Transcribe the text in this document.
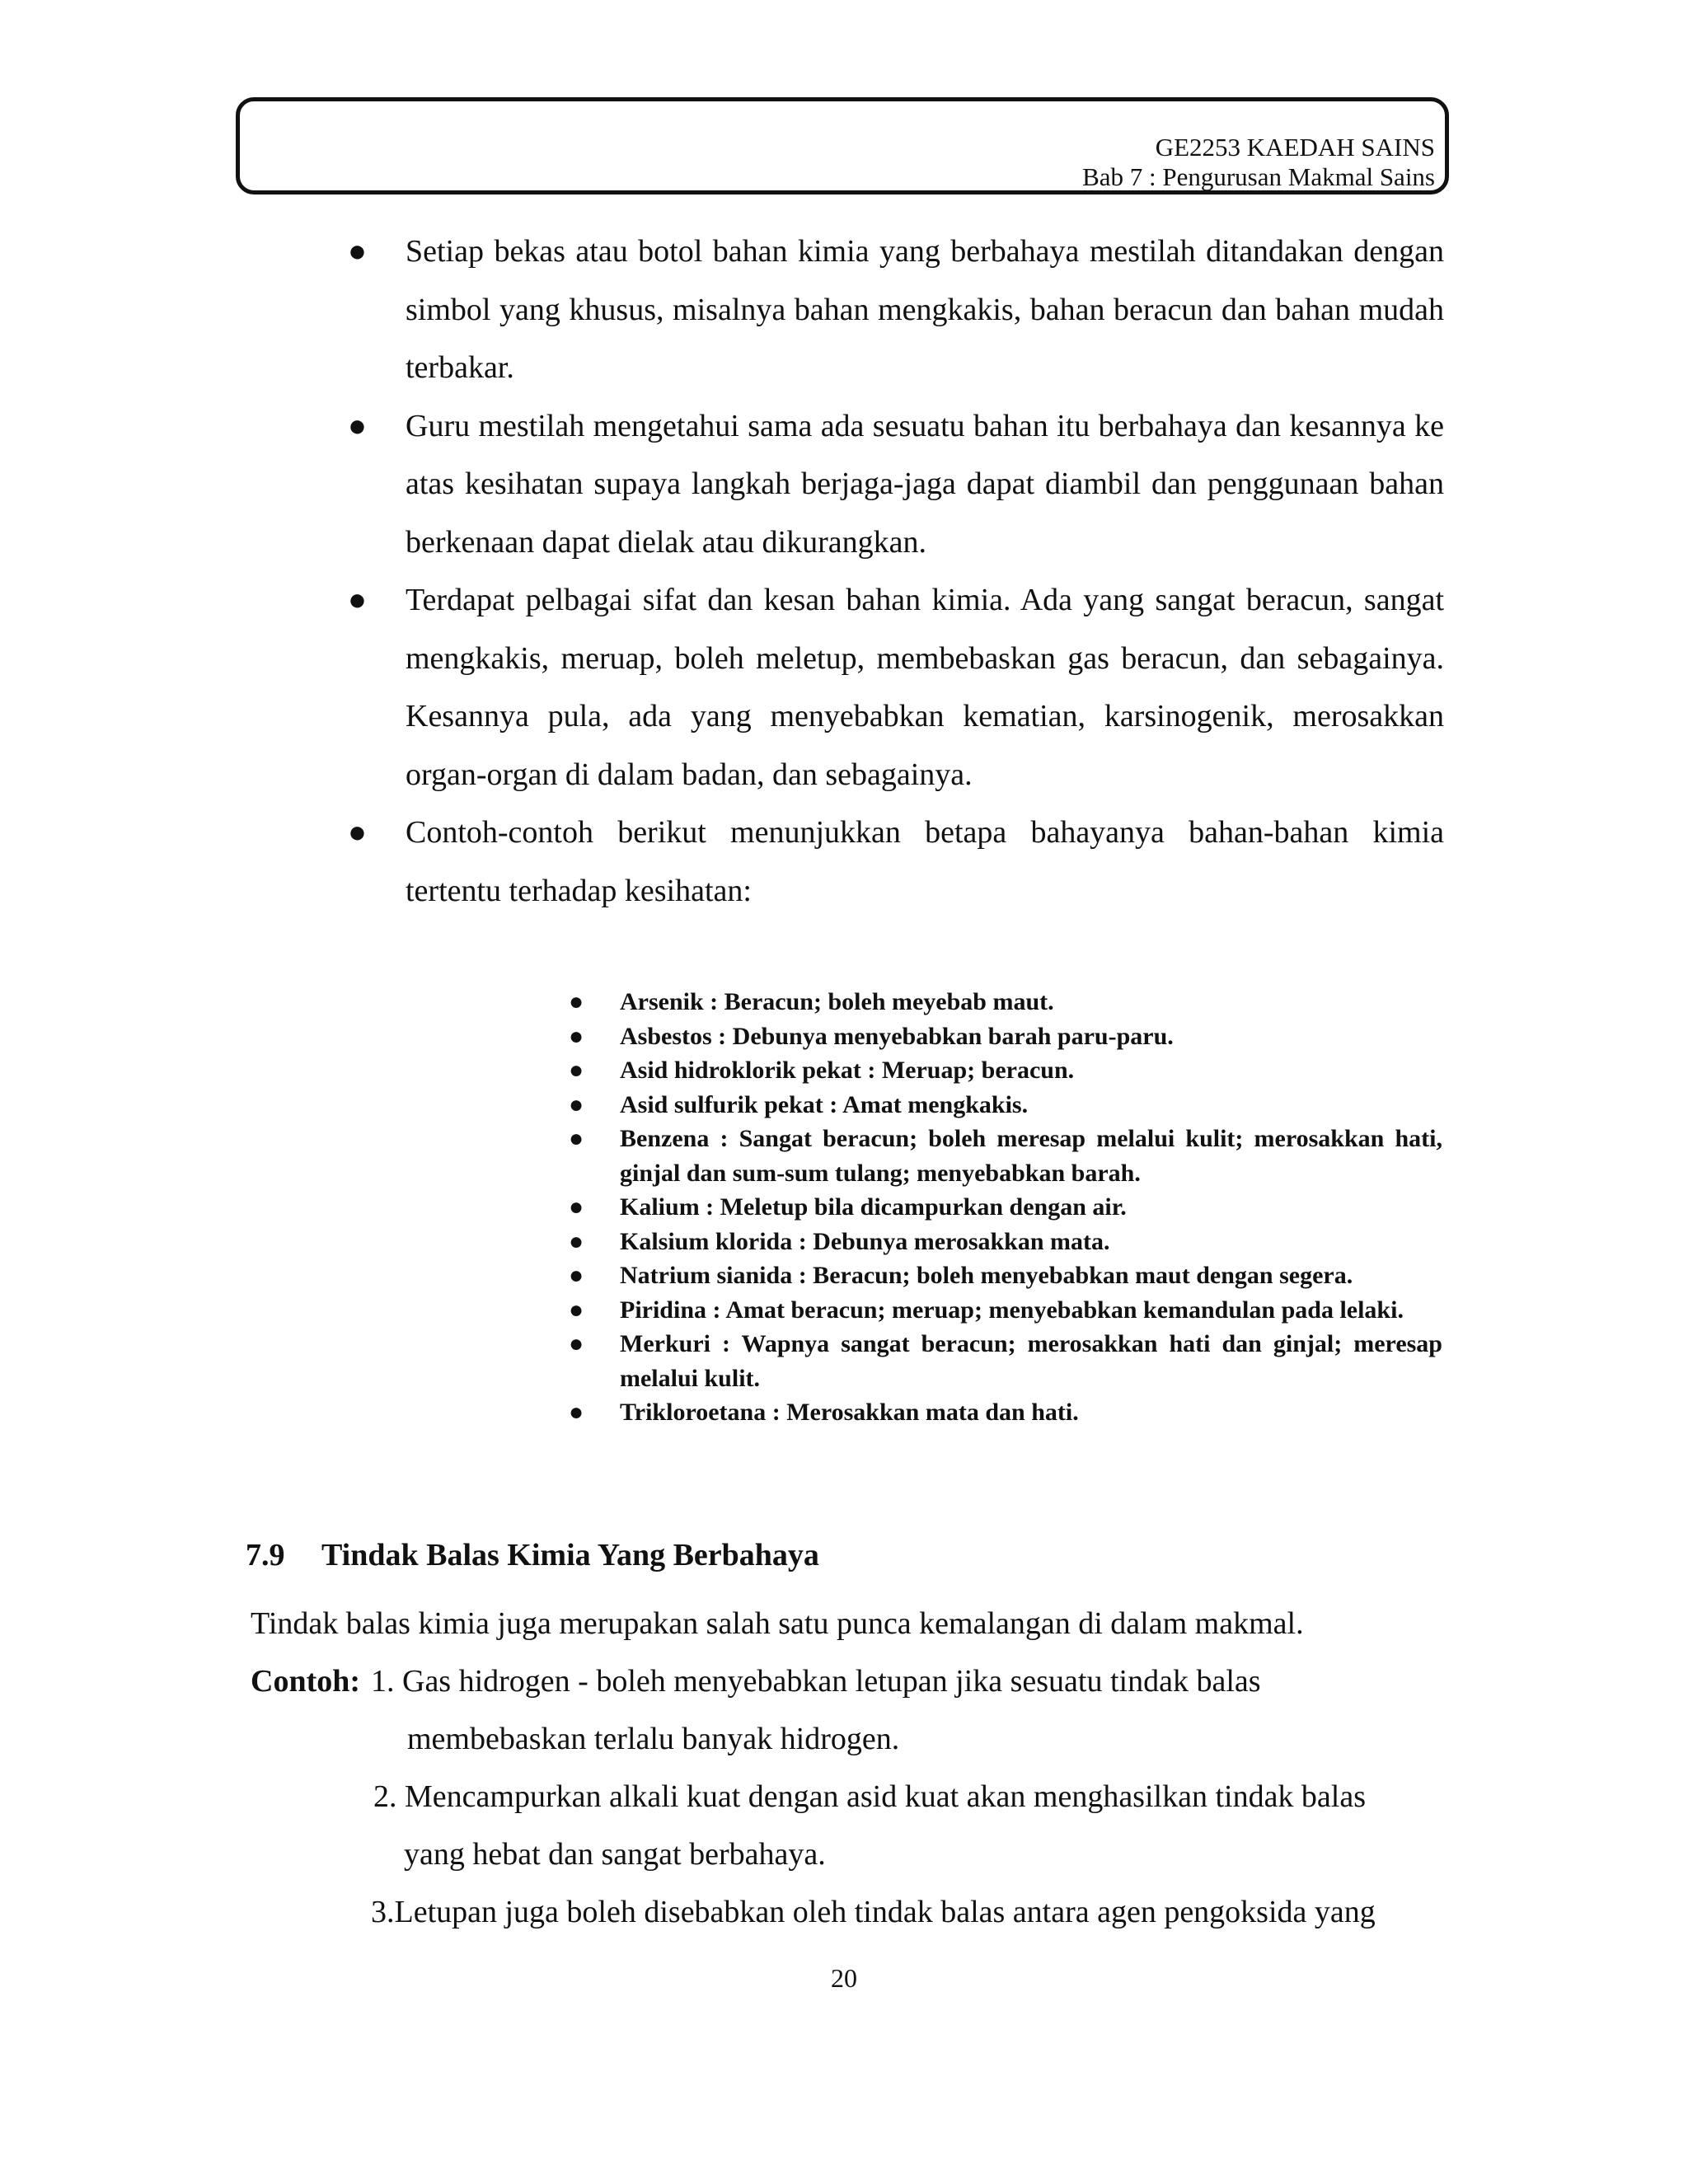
GE2253 KAEDAH SAINS
Bab 7 : Pengurusan Makmal Sains
● Setiap bekas atau botol bahan kimia yang berbahaya mestilah ditandakan dengan simbol yang khusus, misalnya bahan mengkakis, bahan beracun dan bahan mudah terbakar.
● Guru mestilah mengetahui sama ada sesuatu bahan itu berbahaya dan kesannya ke atas kesihatan supaya langkah berjaga-jaga dapat diambil dan penggunaan bahan berkenaan dapat dielak atau dikurangkan.
● Terdapat pelbagai sifat dan kesan bahan kimia. Ada yang sangat beracun, sangat mengkakis, meruap, boleh meletup, membebaskan gas beracun, dan sebagainya. Kesannya pula, ada yang menyebabkan kematian, karsinogenik, merosakkan organ-organ di dalam badan, dan sebagainya.
● Contoh-contoh berikut menunjukkan betapa bahayanya bahan-bahan kimia tertentu terhadap kesihatan:
● Arsenik : Beracun; boleh meyebab maut.
● Asbestos : Debunya menyebabkan barah paru-paru.
● Asid hidroklorik pekat : Meruap; beracun.
● Asid sulfurik pekat : Amat mengkakis.
● Benzena : Sangat beracun; boleh meresap melalui kulit; merosakkan hati, ginjal dan sum-sum tulang; menyebabkan barah.
● Kalium : Meletup bila dicampurkan dengan air.
● Kalsium klorida : Debunya merosakkan mata.
● Natrium sianida : Beracun; boleh menyebabkan maut dengan segera.
● Piridina : Amat beracun; meruap; menyebabkan kemandulan pada lelaki.
● Merkuri : Wapnya sangat beracun; merosakkan hati dan ginjal; meresap melalui kulit.
● Trikloroetana : Merosakkan mata dan hati.
7.9 Tindak Balas Kimia Yang Berbahaya
Tindak balas kimia juga merupakan salah satu punca kemalangan di dalam makmal.
Contoh: 1. Gas hidrogen - boleh menyebabkan letupan jika sesuatu tindak balas
membebaskan terlalu banyak hidrogen.
2. Mencampurkan alkali kuat dengan asid kuat akan menghasilkan tindak balas
yang hebat dan sangat berbahaya.
3.Letupan juga boleh disebabkan oleh tindak balas antara agen pengoksida yang
20
